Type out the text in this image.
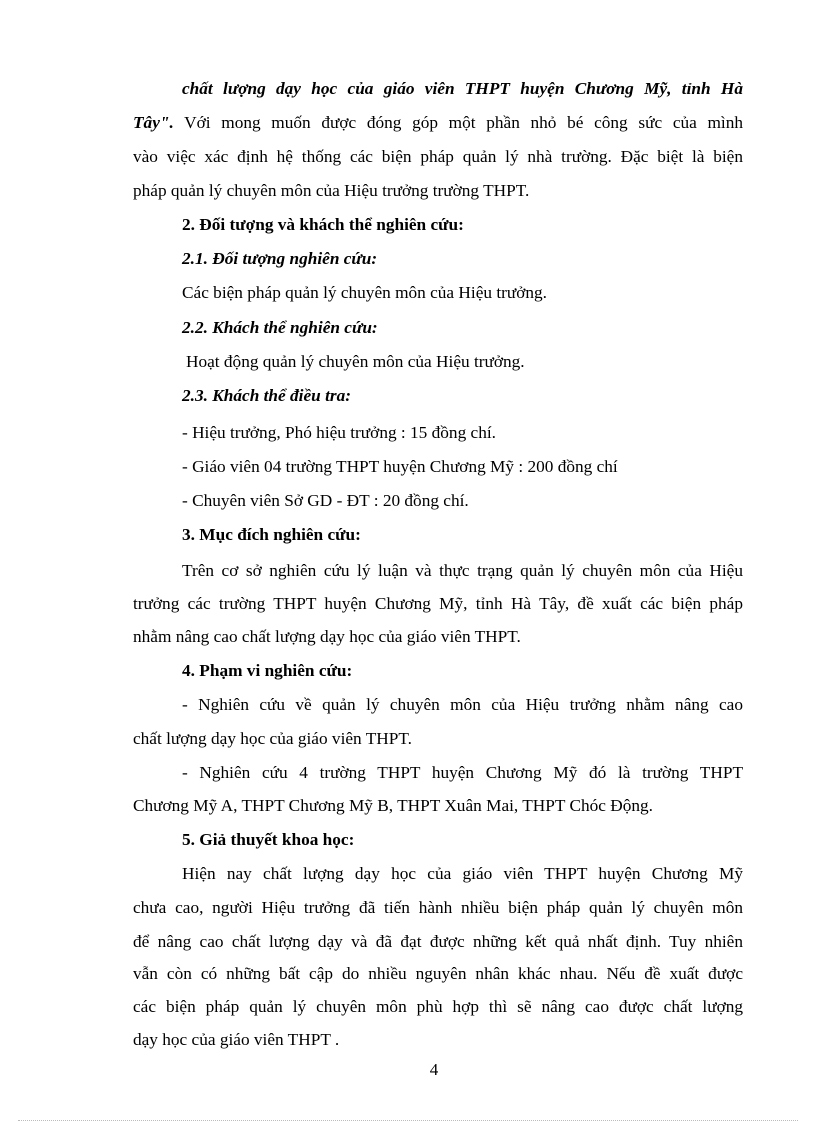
chất lượng dạy học của giáo viên THPT huyện Chương Mỹ, tỉnh Hà
Tây". Với mong muốn được đóng góp một phần nhỏ bé công sức của mình
vào việc xác định hệ thống các biện pháp quản lý nhà trường. Đặc biệt là biện
pháp quản lý chuyên môn của Hiệu trưởng trường THPT.
2. Đối tượng và khách thể nghiên cứu:
2.1. Đối tượng nghiên cứu:
Các biện pháp quản lý chuyên môn của Hiệu trưởng.
2.2. Khách thể nghiên cứu:
Hoạt động quản lý chuyên môn của Hiệu trưởng.
2.3. Khách thể điều tra:
- Hiệu trưởng, Phó hiệu trưởng : 15 đồng chí.
- Giáo viên 04 trường THPT huyện Chương Mỹ : 200 đồng chí
- Chuyên viên Sở GD - ĐT : 20 đồng chí.
3. Mục đích nghiên cứu:
Trên cơ sở nghiên cứu lý luận và thực trạng quản lý chuyên môn của Hiệu
trưởng các trường THPT huyện Chương Mỹ, tỉnh Hà Tây, đề xuất các biện pháp
nhằm nâng cao chất lượng dạy học của giáo viên THPT.
4. Phạm vi nghiên cứu:
- Nghiên cứu về quản lý chuyên môn của Hiệu trưởng nhằm nâng cao
chất lượng dạy học của giáo viên THPT.
- Nghiên cứu 4 trường THPT huyện Chương Mỹ đó là trường THPT
Chương Mỹ A, THPT Chương Mỹ B, THPT Xuân Mai, THPT Chóc Động.
5. Giả thuyết khoa học:
Hiện nay chất lượng dạy học của giáo viên THPT huyện Chương Mỹ
chưa cao, người Hiệu trưởng đã tiến hành nhiều biện pháp quản lý chuyên môn
để nâng cao chất lượng dạy và đã đạt được những kết quả nhất định. Tuy nhiên
vẫn còn có những bất cập do nhiều nguyên nhân khác nhau. Nếu đề xuất được
các biện pháp quản lý chuyên môn phù hợp thì sẽ nâng cao được chất lượng
dạy học của giáo viên THPT .
4
